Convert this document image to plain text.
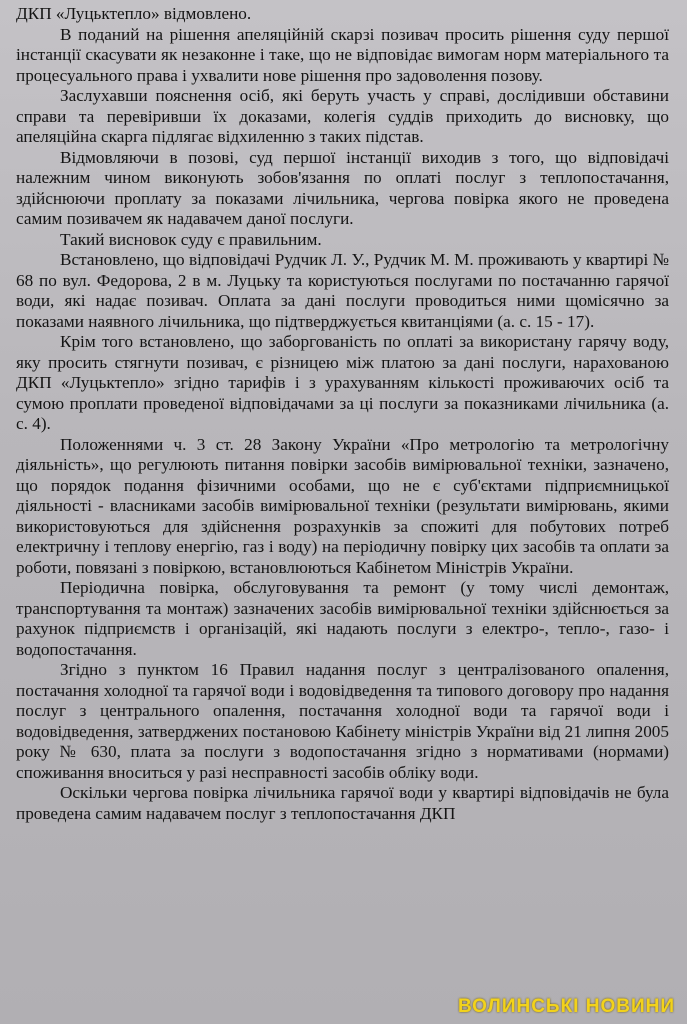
ДКП «Луцьктепло» відмовлено.

В поданий на рішення апеляційній скарзі позивач просить рішення суду першої інстанції скасувати як незаконне і таке, що не відповідає вимогам норм матеріального та процесуального права і ухвалити нове рішення про задоволення позову.

Заслухавши пояснення осіб, які беруть участь у справі, дослідивши обставини справи та перевіривши їх доказами, колегія суддів приходить до висновку, що апеляційна скарга підлягає відхиленню з таких підстав.

Відмовляючи в позові, суд першої інстанції виходив з того, що відповідачі належним чином виконують зобов'язання по оплаті послуг з теплопостачання, здійснюючи проплату за показами лічильника, чергова повірка якого не проведена самим позивачем як надавачем даної послуги.

Такий висновок суду є правильним.

Встановлено, що відповідачі Рудчик Л. У., Рудчик М. М. проживають у квартирі № 68 по вул. Федорова, 2 в м. Луцьку та користуються послугами по постачанню гарячої води, які надає позивач. Оплата за дані послуги проводиться ними щомісячно за показами наявного лічильника, що підтверджується квитанціями (а. с. 15 - 17).

Крім того встановлено, що заборгованість по оплаті за використану гарячу воду, яку просить стягнути позивач, є різницею між платою за дані послуги, нарахованою ДКП «Луцьктепло» згідно тарифів і з урахуванням кількості проживаючих осіб та сумою проплати проведеної відповідачами за ці послуги за показниками лічильника (а. с. 4).

Положеннями ч. 3 ст. 28 Закону України «Про метрологію та метрологічну діяльність», що регулюють питання повірки засобів вимірювальної техніки, зазначено, що порядок подання фізичними особами, що не є суб'єктами підприємницької діяльності - власниками засобів вимірювальної техніки (результати вимірювань, якими використовуються для здійснення розрахунків за спожиті для побутових потреб електричну і теплову енергію, газ і воду) на періодичну повірку цих засобів та оплати за роботи, повязані з повіркою, встановлюються Кабінетом Міністрів України.

Періодична повірка, обслуговування та ремонт (у тому числі демонтаж, транспортування та монтаж) зазначених засобів вимірювальної техніки здійснюється за рахунок підприємств і організацій, які надають послуги з електро-, тепло-, газо- і водопостачання.

Згідно з пунктом 16 Правил надання послуг з централізованого опалення, постачання холодної та гарячої води і водовідведення та типового договору про надання послуг з центрального опалення, постачання холодної води та гарячої води і водовідведення, затверджених постановою Кабінету міністрів України від 21 липня 2005 року № 630, плата за послуги з водопостачання згідно з нормативами (нормами) споживання вноситься у разі несправності засобів обліку води.

Оскільки чергова повірка лічильника гарячої води у квартирі відповідачів не була проведена самим надавачем послуг з теплопостачання ДКП

ВОЛИНСЬКІ НОВИНИ
